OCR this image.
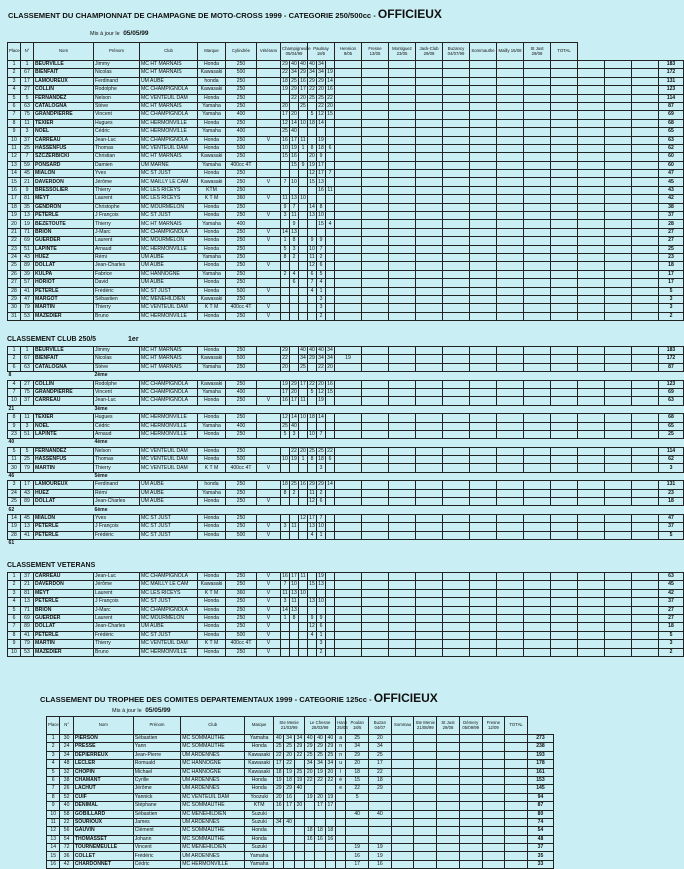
CLASSEMENT DU CHAMPIONNAT DE CHAMPAGNE DE MOTO-CROSS 1999 - CATEGORIE 250/500cc - OFFICIEUX
Mis à jour le 05/05/99
Place	N°	Nom	Prénom	Club	Marque	Cylindrée	Vétérans	Champigneulle 05/04/99			Paulnay 18/5			Hennion 8/05	Fresne 13/05	Montiguez 23/05	Jack-Club 29/08	Buzancy 04/07/99	Sommauthe	Mailly 15/08	St Just 29/08	TOTAL				
1	1	BEURVILLE	Jimmy	MC HT MARNAIS	Honda	250		29	40	40	40	34														183
2	67	BIENFAIT	Nicolas	MC HT MARNAIS	Kawasaki	500		22	34	29	34	34	19													172
3	17	LAMOUREUX	Ferdinand	UM AUBE	honda	250		18	25	16	29	29	14													131
4	27	COLLIN	Rodolphe	MC CHAMPIGNOLA	Kawasaki	250		19	29	17	22	20	16													123
5	5	FERNANDEZ	Nelson	MC VENTEUIL DAM	Honda	250			22	20	25	25	22													114
6	63	CATALOGNA	Stève	MC HT MARNAIS	Yamaha	250		20		25		22	20													87
7	75	GRANDPIERRE	Vincent	MC CHAMPIGNOLA	Yamaha	400		17	20		5	12	15													69
8	11	TEXIER	Hugues	MC HERMONVILLE	Honda	250		12	14	10	18	14														68
9	3	NOEL	Cédric	MC HERMONVILLE	Yamaha	400		25	40																	65
10	37	CARREAU	Jean-Luc	MC CHAMPIGNOLA	Honda	250	V	16	17	11		19														63
11	25	HASSENFUS	Thomas	MC VENTEUIL DAM	Honda	500		10	19	1	8	18	6													62
12	7	SZCZERBICKI	Christian	MC HT MARNAIS	Kawasaki	250		15	16		20	9														60
13	59	PONSARD	Damien	UM MARNE	Yamaha	400cc 4T			15	9	19	17														60
14	45	MIALON	Yves	MC ST JUST	Honda	250					12	17	7													47
15	21	DAVERDON	Jérôme	MC MAILLY LE CAM	Kawasaki	250	V	7	10		15	13														45
16	9	BRESSOLIER	Thierry	MC LES RICEYS	KTM	250						16	11													43
17	81	MEYT	Laurent	MC LES RICEYS	K T M	360	V	11	13	10																42
18	35	GENDRON	Christophe	MC MOURMELON	Honda	250		9	7		14	8														38
19	13	PETERLE	J François	MC ST JUST	Honda	250	V	3	11		13	10														37
20	19	BEZETOUTE	Thierry	MC HT MARNAIS	Yamaha	400			9			15	4													28
21	71	BRION	J-Marc	MC CHAMPIGNOLA	Honda	250	V	14	13																	27
22	69	GUERDER	Laurent	MC MOURMELON	Honda	250	V	1	8		9	9														27
23	51	LAPINTE	Arnaud	MC HERMONVILLE	Honda	250		5	3		10	7														25
24	43	HUEZ	Rémi	UM AUBE	Yamaha	250		8	2		11	2														23
25	89	DOLLAT	Jean-Charles	UM AUBE	Honda	250	V				12	6														18
26	39	KULPA	Fabrice	MC HANNOGNE	Yamaha	250		2	4		6	5														17
27	57	HORIOT	David	UM AUBE	Honda	250			6		7	4														17
28	41	PETERLE	Frédéric	MC ST JUST	Honda	500	V				4	1														5
29	47	MARGOT	Sébastien	MC MENEHILDIEN	Kawasaki	250						3														3
30	79	MARTIN	Thierry	MC VENTEUIL DAM	K T M	400cc 4T	V					3														3
31	53	MAZEDIER	Bruno	MC HERMONVILLE	Honda	250	V					2														2
CLASSEMENT CLUB 250/5	1er
1	1	BEURVILLE	Jimmy	MC HT MARNAIS	Honda	250		29		40	40	40	34													183
2	67	BIENFAIT	Nicolas	MC HT MARNAIS	Kawasaki	500		22		34	29	34	34	19												172
6	63	CATALOGNA	Stève	MC HT MARNAIS	Yamaha	250		20		25		22	20													87
8			2ème																							
4	27	COLLIN	Rodolphe	MC CHAMPIGNOLA	Kawasaki	250		19	29	17	22	20	16													123
7	75	GRANDPIERRE	Vincent	MC CHAMPIGNOLA	Yamaha	400		17	20		5	12	15													69
10	37	CARREAU	Jean-Luc	MC CHAMPIGNOLA	Honda	250	V	16	17	11		19														63
21			3ème																							
8	11	TEXIER	Hugues	MC HERMONVILLE	Honda	250		12	14	10	18	14														68
9	3	NOEL	Cédric	MC HERMONVILLE	Yamaha	400		25	40																	65
23	51	LAPINTE	Arnaud	MC HERMONVILLE	Honda	250		5	3		10	7														25
40			4ème																							
5	5	FERNANDEZ	Nelson	MC VENTEUIL DAM	Honda	250			22	20	25	25	22													114
11	25	HASSENFUS	Thomas	MC VENTEUIL DAM	Honda	500		10	19	1	8	18	6													62
30	79	MARTIN	Thierry	MC VENTEUIL DAM	K T M	400cc 4T	V					3														3
46			5ème																							
3	17	LAMOUREUX	Ferdinand	UM AUBE	honda	250		18	25	16	29	29	14													131
24	43	HUEZ	Rémi	UM AUBE	Yamaha	250		8	2		11	2														23
25	89	DOLLAT	Jean-Charles	UM AUBE	Honda	250	V				12	6														18
62			6ème																							
14	45	MIALON	Yves	MC ST JUST	Honda	250				12	17	7														47
19	13	PETERLE	J François	MC ST JUST	Honda	250	V	3	11		13	10														37
28	41	PETERLE	Frédéric	MC ST JUST	Honda	500	V				4	1														5
61																										
CLASSEMENT VETERANS
1	37	CARREAU	Jean-Luc	MC CHAMPIGNOLA	Honda	250	V	16	17	11		19														63
2	21	DAVERDON	Jérôme	MC MAILLY LE CAM	Kawasaki	250	V	7	10		15	13														45
3	81	MEYT	Laurent	MC LES RICEYS	K T M	360	V	11	13	10																42
4	13	PETERLE	J François	MC ST JUST	Honda	250	V	3	11		13	10														37
5	71	BRION	J-Marc	MC CHAMPIGNOLA	Honda	250	V	14	13																	27
6	69	GUERDER	Laurent	MC MOURMELON	Honda	250	V	1	8		9	9														27
7	89	DOLLAT	Jean-Charles	UM AUBE	Honda	250	V				12	6														18
8	41	PETERLE	Frédéric	MC ST JUST	Honda	500	V				4	1														5
9	79	MARTIN	Thierry	MC VENTEUIL DAM	K T M	400cc 4T	V					3														3
10	53	MAZEDIER	Bruno	MC HERMONVILLE	Honda	250	V					2														2
CLASSEMENT DU TROPHEE DES COMITES DEPARTEMENTAUX 1999 - CATEGORIE 125cc - OFFICIEUX
Mis à jour le 05/05/99
Place	N°	Nom	Prénom	Club	Marque	Ste Menie 21/03/99			Le Chesne 28/03/99			Hann 25/04	Poulan 18/5	Buzan 04/07	Sommau	Ste Menie 21/08/99	St Just 29/08	Démery 05/09/99	Fresne 12/09	TOTAL	
1	30	PIERSON	Sébastien	MC SOMMAUTHE	Yamaha	40	34	34	40	40	40	a	25	20							273
2	24	PRESSE	Yann	MC SOMMAUTHE	Honda	25	25	29	29	29	29	n	34	34							238
3	34	DEPIERREUX	Jean-Pierre	UM ARDENNES	Kawasaki	22	20	22	25	25	25	n	29	25							193
4	48	LECLER	Romuald	MC HANNOGNE	Kawasaki	17	22		34	34	34	u	20	17							178
5	32	CHOPIN	Michael	MC HANNOGNE	Kawasaki	18	19	25	20	19	20	l	18	22							161
6	38	CHAMANT	Cyrille	UM ARDENNES	Honda	19	18	19	22	22	22	é	15	18							153
7	26	LACHUT	Jérôme	UM ARDENNES	Honda	29	29	40				e	22	29							145
8	52	CUIF	Yannick	MC VENTEUIL DAM	Yoozuki	20	16		19	20	19		5								94
9	40	DENIMAL	Stéphane	MC SOMMAUTHE	KTM	16	17	20		17	17										87
10	58	GOBILLARD	Sébastien	MC MENEHILDIEN	Suzuki								40	40							80
11	22	SOURIOUX	James	UM ARDENNES	Suzuki	34	40														74
12	56	GAUVIN	Clément	MC SOMMAUTHE	Honda				18	18	18										54
13	54	THOMASSET	Johann	MC SOMMAUTHE	Honda				16	16	16										48
14	72	TOURNEMEULLE	Vincent	MC MENEHILDIEN	Suzuki								19	19							37
15	36	COLLET	Frédéric	UM ARDENNES	Yamaha								16	19							35
16	42	CHARDONNET	Cédric	MC HERMONVILLE	Yamaha								17	16							33
